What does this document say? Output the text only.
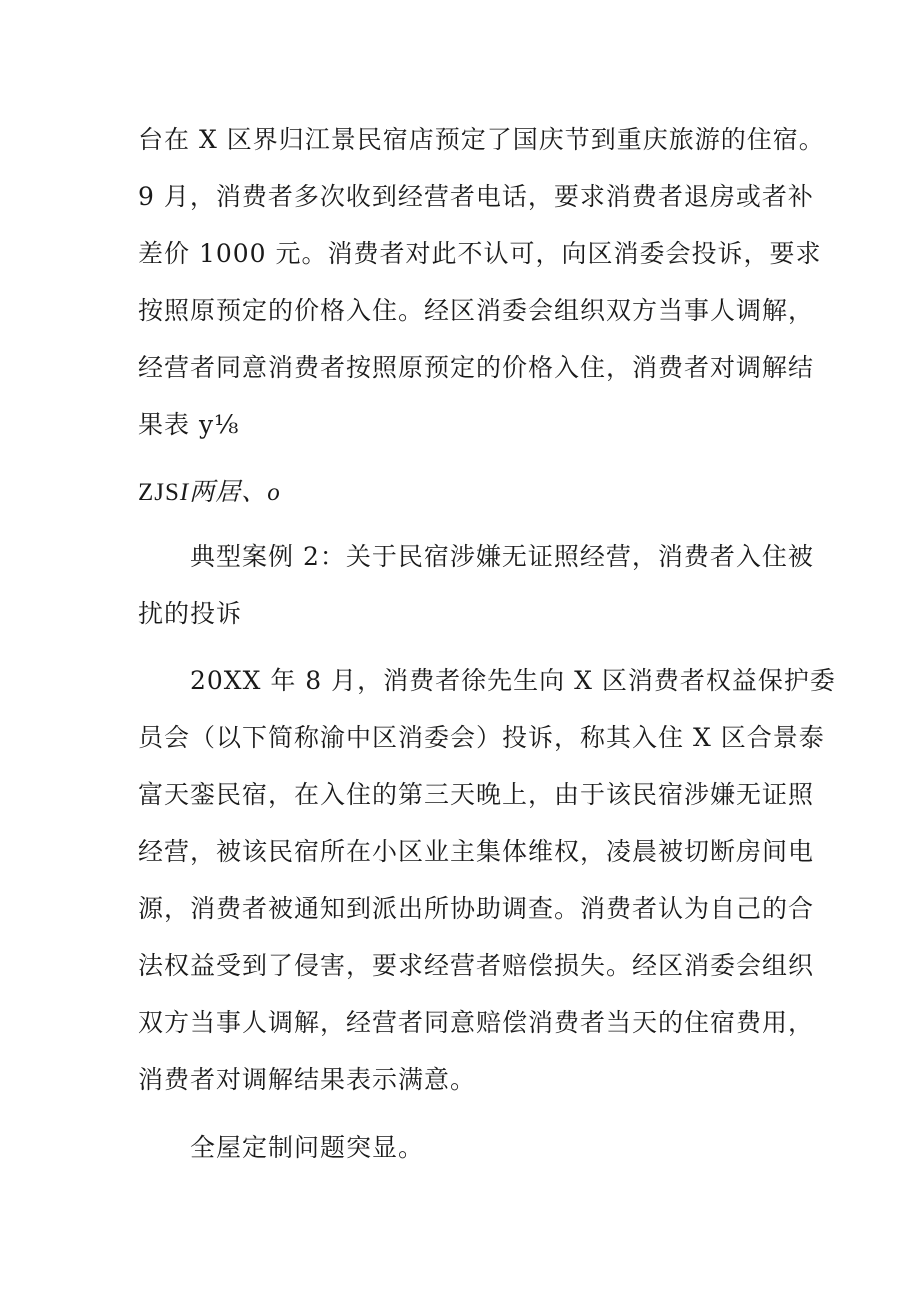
台在 X 区界归江景民宿店预定了国庆节到重庆旅游的住宿。
9 月，消费者多次收到经营者电话，要求消费者退房或者补
差价 1000 元。消费者对此不认可，向区消委会投诉，要求
按照原预定的价格入住。经区消委会组织双方当事人调解，
经营者同意消费者按照原预定的价格入住，消费者对调解结
果表 y⅛
ZJSI两居、o
典型案例 2：关于民宿涉嫌无证照经营，消费者入住被
扰的投诉
20XX 年 8 月，消费者徐先生向 X 区消费者权益保护委
员会（以下简称渝中区消委会）投诉，称其入住 X 区合景泰
富天銮民宿，在入住的第三天晚上，由于该民宿涉嫌无证照
经营，被该民宿所在小区业主集体维权，凌晨被切断房间电
源，消费者被通知到派出所协助调查。消费者认为自己的合
法权益受到了侵害，要求经营者赔偿损失。经区消委会组织
双方当事人调解，经营者同意赔偿消费者当天的住宿费用，
消费者对调解结果表示满意。
全屋定制问题突显。
